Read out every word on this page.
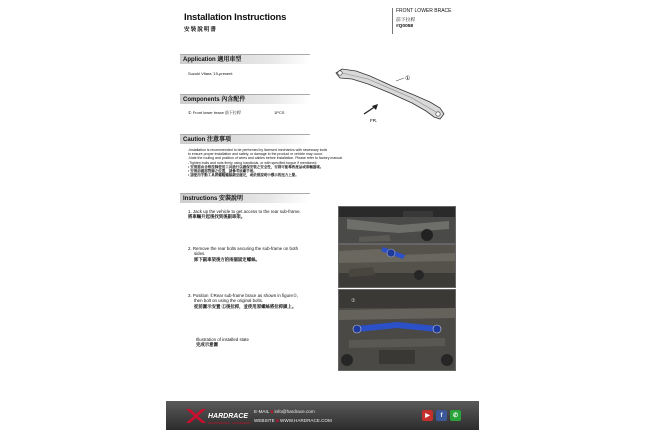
Installation Instructions
安裝說明書
FRONT LOWER BRACE
前下拉桿
#Q0058
Application 適用車型
Suzuki Vitara '15-present
Components 內含配件
① Front lower brace 前下拉桿	1PCS
①
FR.
Caution 注意事項
-Installation is recommended to be performed by licensed mechanics with necessary tools
to ensure proper installation and safety, or damage to the product or vehicle may occur.
-Note the routing and position of wires and cables before installation. Please refer to factory manual.
-Tighten bolts and nuts firmly using handtools, or with specified torque if mentioned.
• 安裝需由合格技師使用工具進行以確保安裝之安全性，否則可能導致產品或車輛損壞。
• 安裝前確認管線之位置，請參考原廠手冊。
• 請使用手動工具將螺帽螺絲鎖至確定，或依照說明中標示的扭力上緊。
Instructions 安裝說明
1. Jack up the vehicle to get access to the rear sub-frame.
將車輛升起後找到後副車架。
2. Remove the rear bolts securing the sub-frame on both
sides.
卸下副車架後方的兩個固定螺絲。
3. Position ①Rear sub-frame brace as shown in figure①,
then bolt on using the original bolts.
從前圖示安置 ①後拉桿，並使用原螺絲將拉桿鎖上。
Illustration of installed state
完成示意圖
①
HARDRACE
PERFORMANCE · SUSPENSION
E-MAIL ■ info@hardrace.com
WEBSITE ■ WWW.HARDRACE.COM
▶	f	✆
